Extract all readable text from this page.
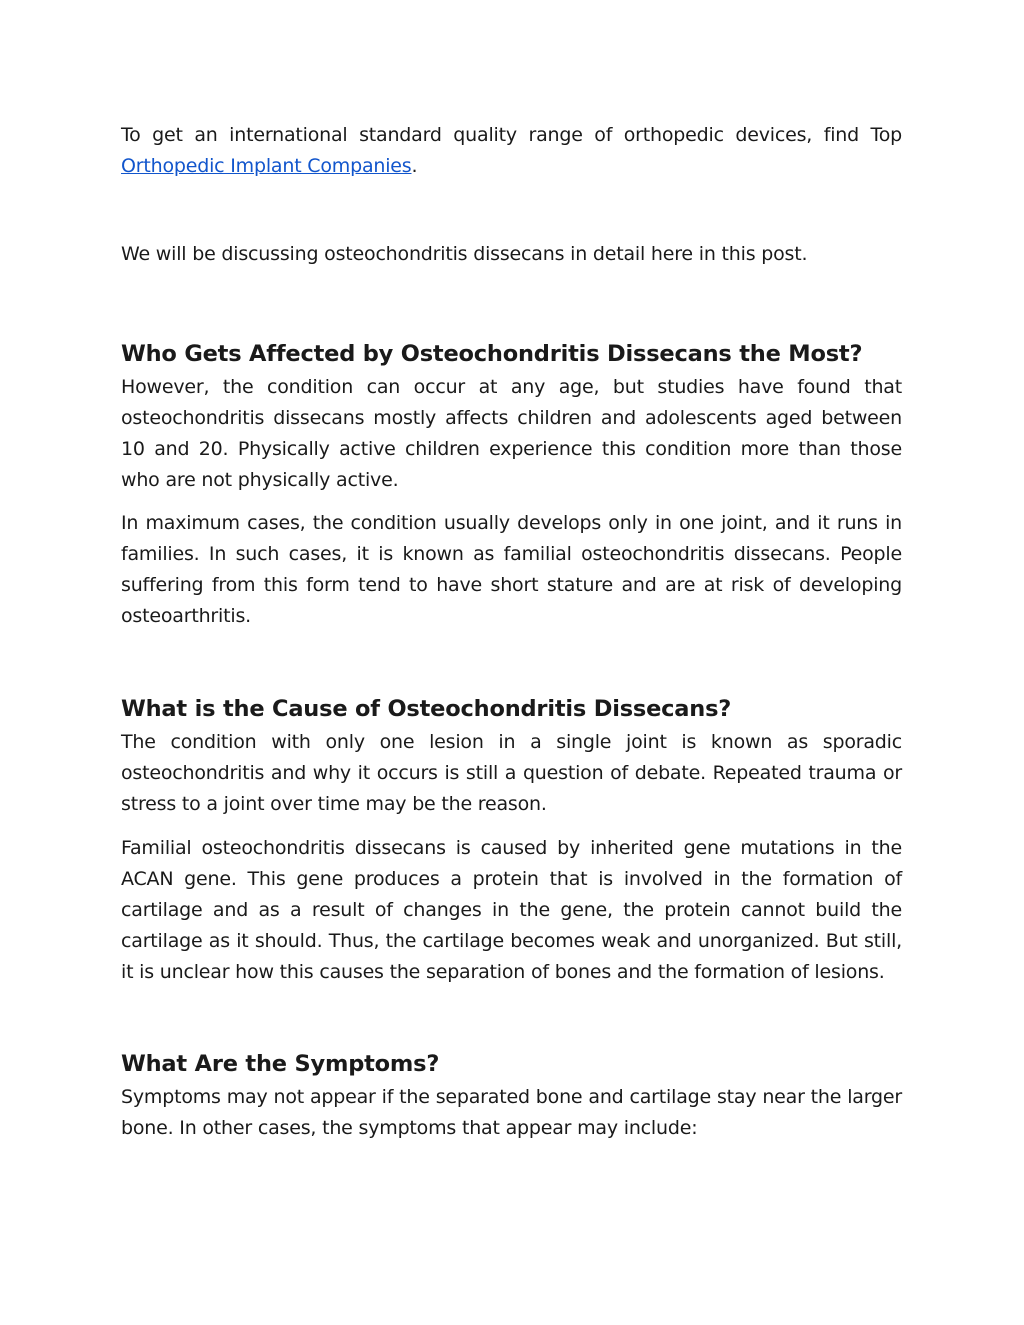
To get an international standard quality range of orthopedic devices, find Top Orthopedic Implant Companies.

We will be discussing osteochondritis dissecans in detail here in this post.

Who Gets Affected by Osteochondritis Dissecans the Most?

However, the condition can occur at any age, but studies have found that osteochondritis dissecans mostly affects children and adolescents aged between 10 and 20. Physically active children experience this condition more than those who are not physically active.

In maximum cases, the condition usually develops only in one joint, and it runs in families. In such cases, it is known as familial osteochondritis dissecans. People suffering from this form tend to have short stature and are at risk of developing osteoarthritis.

What is the Cause of Osteochondritis Dissecans?

The condition with only one lesion in a single joint is known as sporadic osteochondritis and why it occurs is still a question of debate. Repeated trauma or stress to a joint over time may be the reason.

Familial osteochondritis dissecans is caused by inherited gene mutations in the ACAN gene. This gene produces a protein that is involved in the formation of cartilage and as a result of changes in the gene, the protein cannot build the cartilage as it should. Thus, the cartilage becomes weak and unorganized. But still, it is unclear how this causes the separation of bones and the formation of lesions.

What Are the Symptoms?

Symptoms may not appear if the separated bone and cartilage stay near the larger bone. In other cases, the symptoms that appear may include:
